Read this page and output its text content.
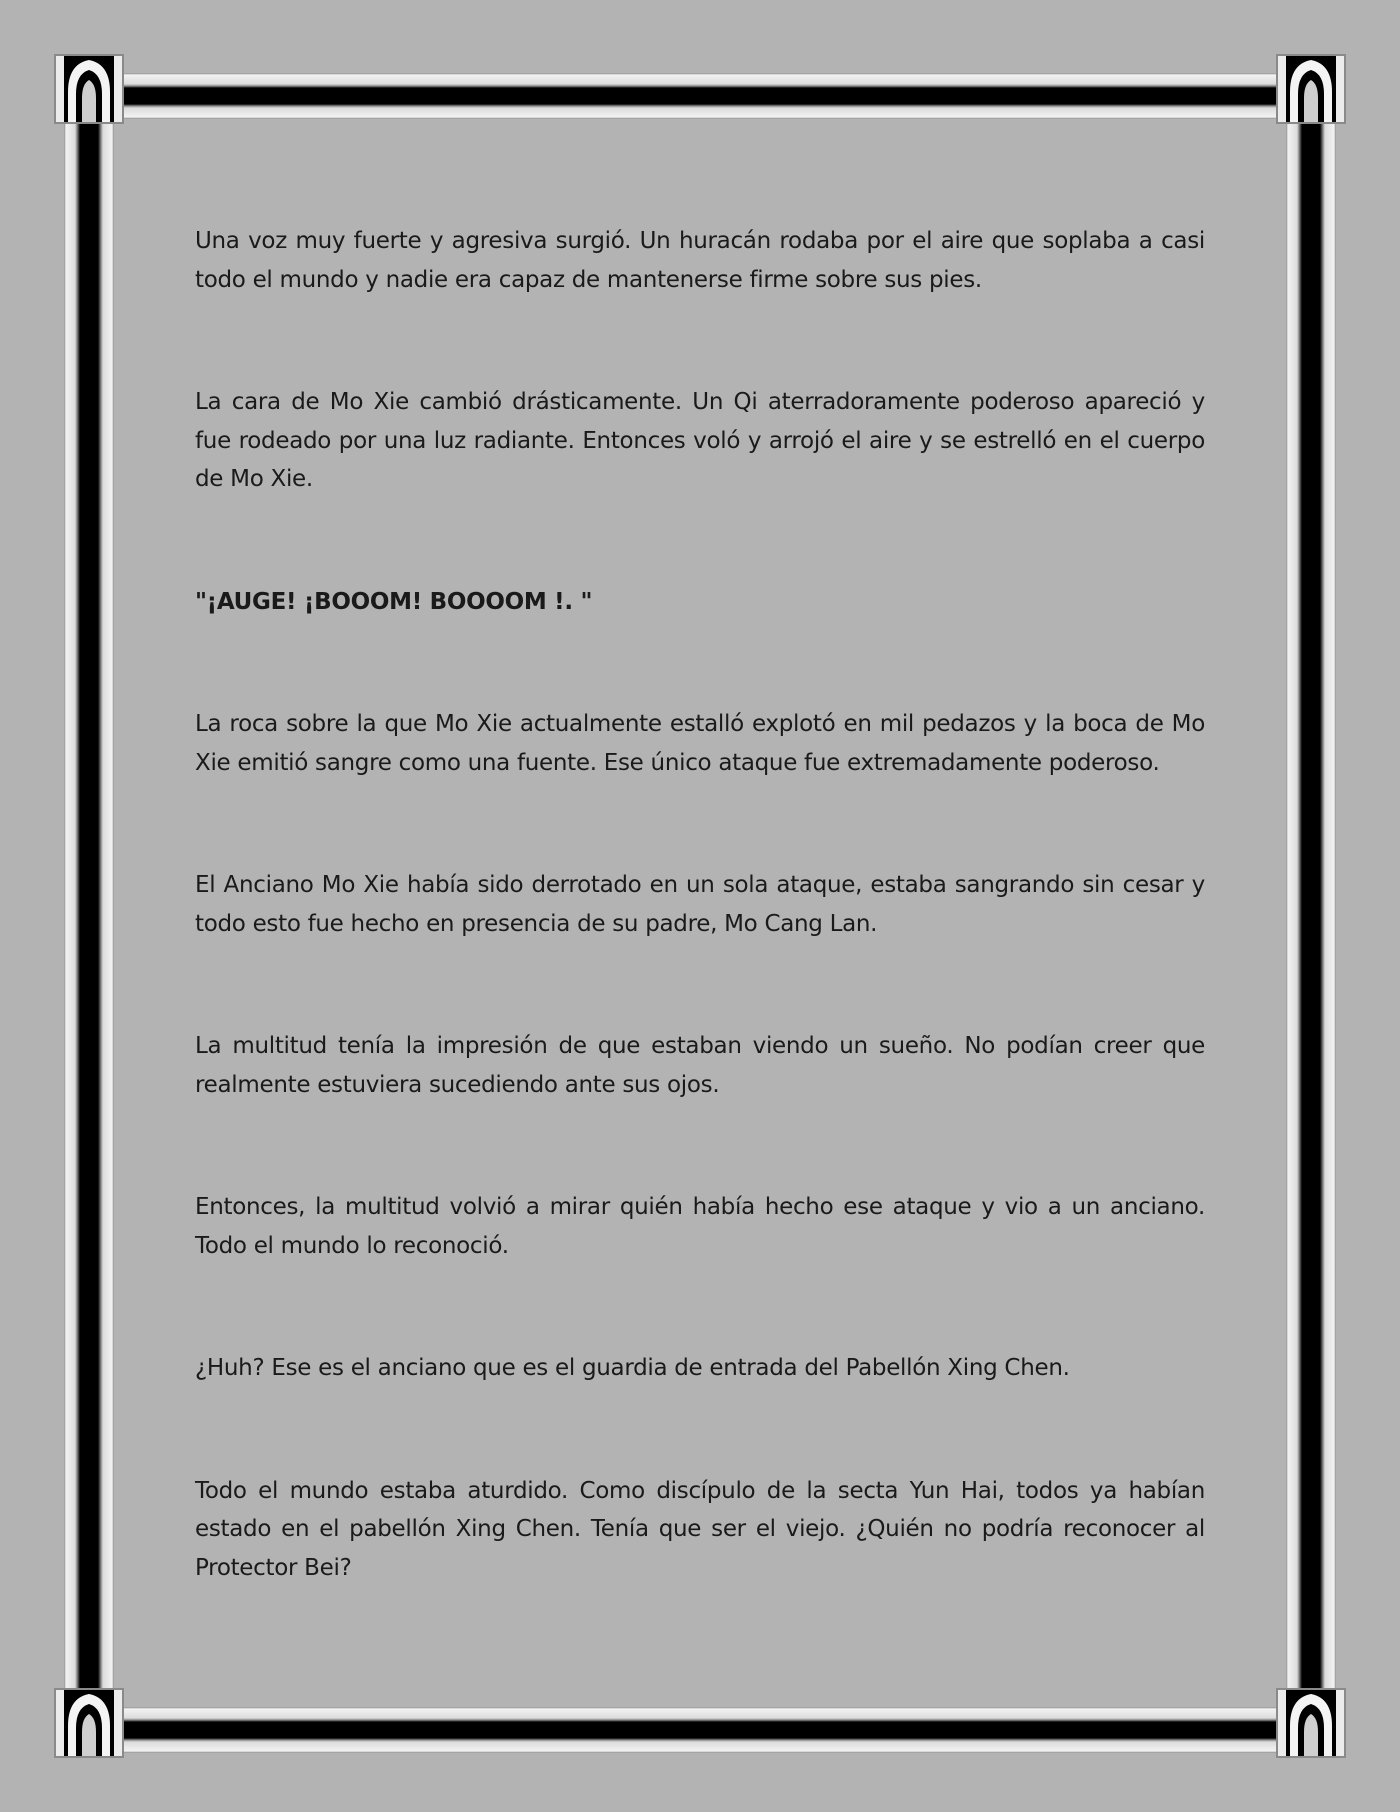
Una voz muy fuerte y agresiva surgió. Un huracán rodaba por el aire que soplaba a casi todo el mundo y nadie era capaz de mantenerse firme sobre sus pies.

La cara de Mo Xie cambió drásticamente. Un Qi aterradoramente poderoso apareció y fue rodeado por una luz radiante. Entonces voló y arrojó el aire y se estrelló en el cuerpo de Mo Xie.

"¡AUGE! ¡BOOOM! BOOOOM !. "

La roca sobre la que Mo Xie actualmente estalló explotó en mil pedazos y la boca de Mo Xie emitió sangre como una fuente. Ese único ataque fue extremadamente poderoso.

El Anciano Mo Xie había sido derrotado en un sola ataque, estaba sangrando sin cesar y todo esto fue hecho en presencia de su padre, Mo Cang Lan.

La multitud tenía la impresión de que estaban viendo un sueño. No podían creer que realmente estuviera sucediendo ante sus ojos.

Entonces, la multitud volvió a mirar quién había hecho ese ataque y vio a un anciano. Todo el mundo lo reconoció.

¿Huh? Ese es el anciano que es el guardia de entrada del Pabellón Xing Chen.

Todo el mundo estaba aturdido. Como discípulo de la secta Yun Hai, todos ya habían estado en el pabellón Xing Chen. Tenía que ser el viejo. ¿Quién no podría reconocer al Protector Bei?
